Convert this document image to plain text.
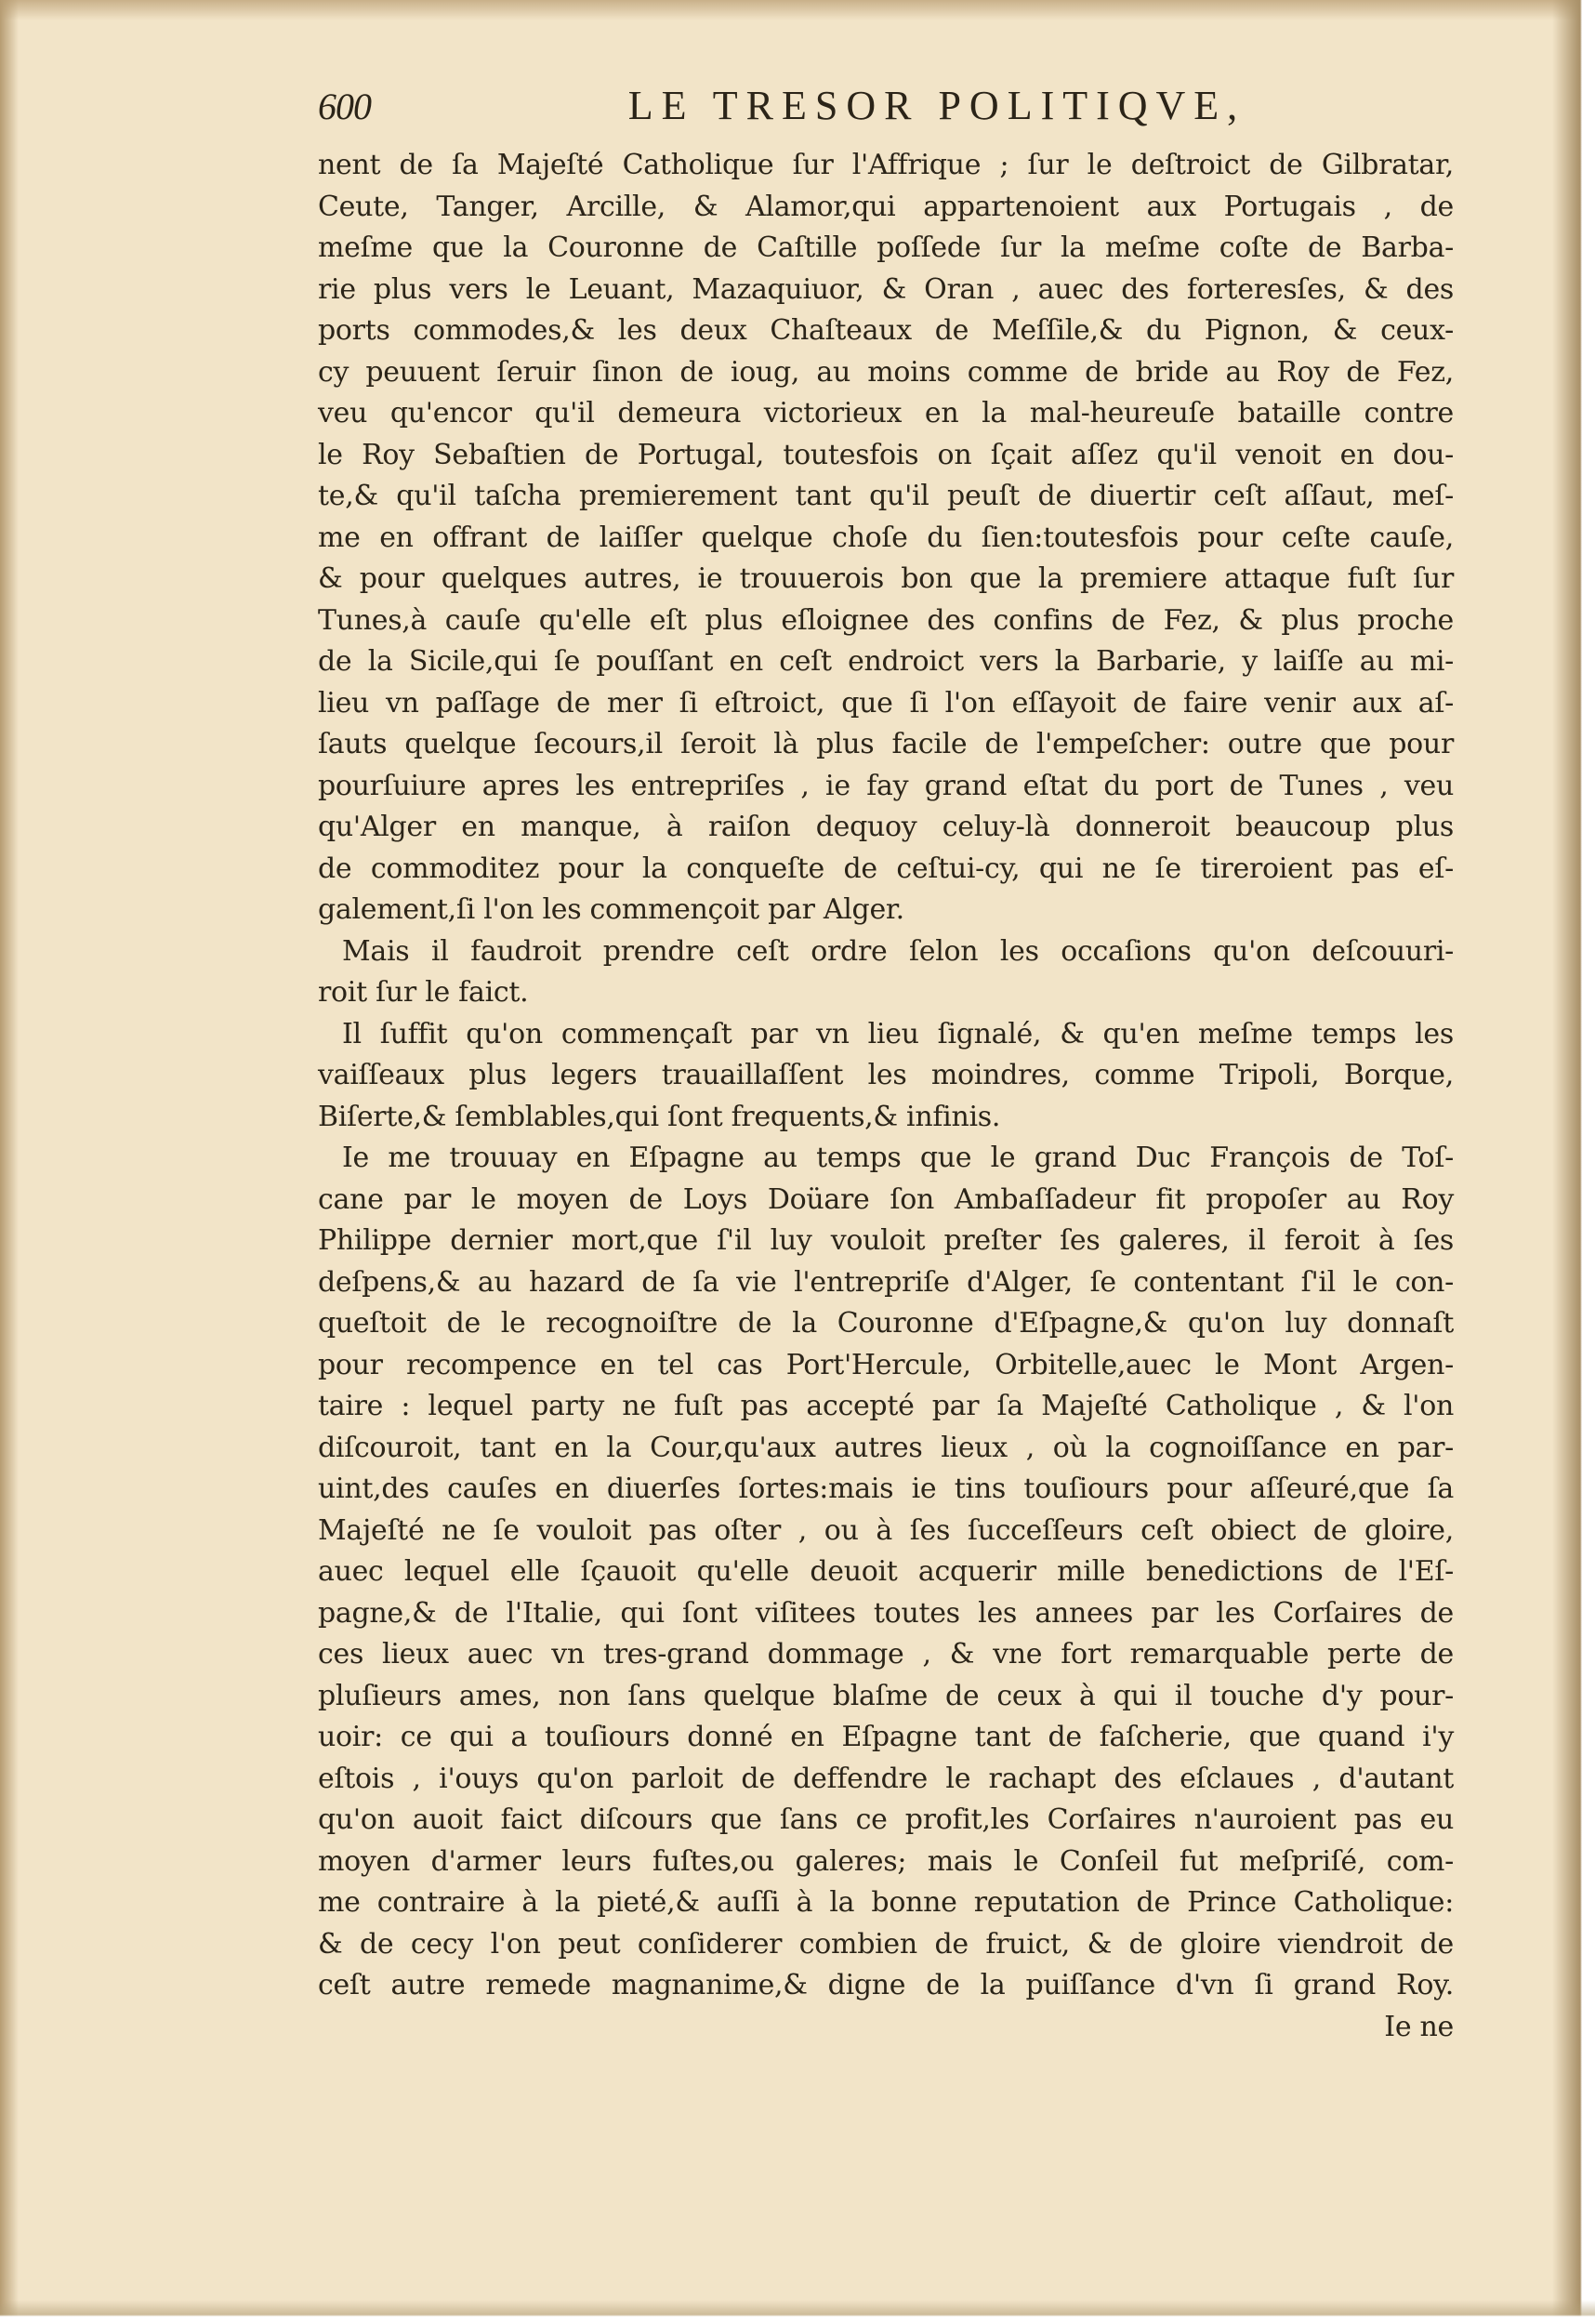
600	LE TRESOR POLITIQVE,
nent de ſa Majeſté Catholique ſur l'Affrique ; ſur le deſtroict de Gilbratar,
Ceute, Tanger, Arcille, & Alamor,qui appartenoient aux Portugais , de
meſme que la Couronne de Caſtille poſſede ſur la meſme coſte de Barba-
rie plus vers le Leuant, Mazaquiuor, & Oran , auec des forteresſes, & des
ports commodes,& les deux Chaſteaux de Meſſile,& du Pignon, & ceux-
cy peuuent ſeruir ſinon de ioug, au moins comme de bride au Roy de Fez,
veu qu'encor qu'il demeura victorieux en la mal-heureuſe bataille contre
le Roy Sebaſtien de Portugal, toutesfois on ſçait aſſez qu'il venoit en dou-
te,& qu'il taſcha premierement tant qu'il peuſt de diuertir ceſt aſſaut, meſ-
me en offrant de laiſſer quelque choſe du ſien:toutesfois pour ceſte cauſe,
& pour quelques autres, ie trouuerois bon que la premiere attaque fuſt ſur
Tunes,à cauſe qu'elle eſt plus eſloignee des confins de Fez, & plus proche
de la Sicile,qui ſe pouſſant en ceſt endroict vers la Barbarie, y laiſſe au mi-
lieu vn paſſage de mer ſi eſtroict, que ſi l'on eſſayoit de faire venir aux aſ-
ſauts quelque ſecours,il ſeroit là plus facile de l'empeſcher: outre que pour
pourſuiure apres les entrepriſes , ie fay grand eſtat du port de Tunes , veu
qu'Alger en manque, à raiſon dequoy celuy-là donneroit beaucoup plus
de commoditez pour la conqueſte de ceſtui-cy, qui ne ſe tireroient pas eſ-
galement,ſi l'on les commençoit par Alger.
Mais il faudroit prendre ceſt ordre ſelon les occaſions qu'on deſcouuri-
roit ſur le faict.
Il ſuffit qu'on commençaſt par vn lieu ſignalé, & qu'en meſme temps les
vaiſſeaux plus legers trauaillaſſent les moindres, comme Tripoli, Borque,
Biſerte,& ſemblables,qui ſont frequents,& infinis.
Ie me trouuay en Eſpagne au temps que le grand Duc François de Toſ-
cane par le moyen de Loys Doüare ſon Ambaſſadeur fit propoſer au Roy
Philippe dernier mort,que ſ'il luy vouloit preſter ſes galeres, il feroit à ſes
deſpens,& au hazard de ſa vie l'entrepriſe d'Alger, ſe contentant ſ'il le con-
queſtoit de le recognoiſtre de la Couronne d'Eſpagne,& qu'on luy donnaſt
pour recompence en tel cas Port'Hercule, Orbitelle,auec le Mont Argen-
taire : lequel party ne fuſt pas accepté par ſa Majeſté Catholique , & l'on
diſcouroit, tant en la Cour,qu'aux autres lieux , où la cognoiſſance en par-
uint,des cauſes en diuerſes ſortes:mais ie tins touſiours pour aſſeuré,que ſa
Majeſté ne ſe vouloit pas oſter , ou à ſes ſucceſſeurs ceſt obiect de gloire,
auec lequel elle ſçauoit qu'elle deuoit acquerir mille benedictions de l'Eſ-
pagne,& de l'Italie, qui ſont viſitees toutes les annees par les Corſaires de
ces lieux auec vn tres-grand dommage , & vne fort remarquable perte de
pluſieurs ames, non ſans quelque blaſme de ceux à qui il touche d'y pour-
uoir: ce qui a touſiours donné en Eſpagne tant de faſcherie, que quand i'y
eſtois , i'ouys qu'on parloit de deffendre le rachapt des eſclaues , d'autant
qu'on auoit faict diſcours que ſans ce profit,les Corſaires n'auroient pas eu
moyen d'armer leurs fuſtes,ou galeres; mais le Conſeil fut meſpriſé, com-
me contraire à la pieté,& auſſi à la bonne reputation de Prince Catholique:
& de cecy l'on peut conſiderer combien de fruict, & de gloire viendroit de
ceſt autre remede magnanime,& digne de la puiſſance d'vn ſi grand Roy.
Ie ne
